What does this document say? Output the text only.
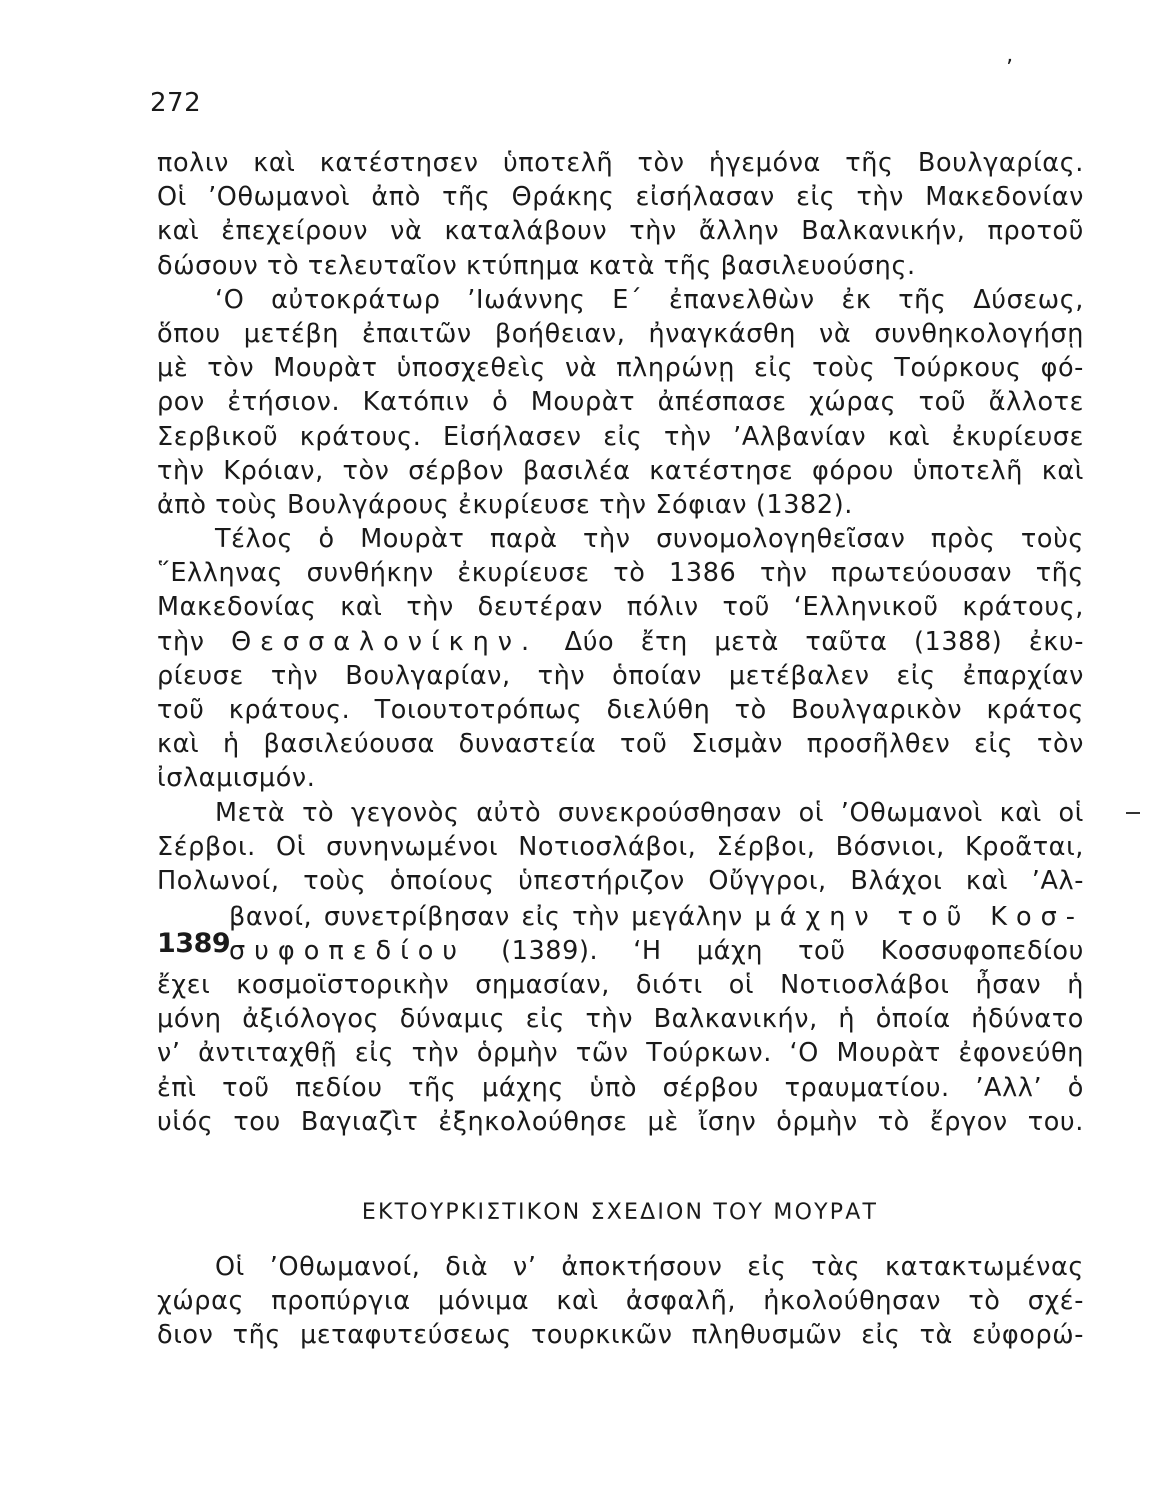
ʼ
272
πολιν καὶ κατέστησεν ὑποτελῆ τὸν ἡγεμόνα τῆς Βουλγαρίας.
Οἱ ’Οθωμανοὶ ἀπὸ τῆς Θράκης εἰσήλασαν εἰς τὴν Μακεδονίαν
καὶ ἐπεχείρουν νὰ καταλάβουν τὴν ἄλλην Βαλκανικήν, προτοῦ
δώσουν τὸ τελευταῖον κτύπημα κατὰ τῆς βασιλευούσης.
‘Ο αὐτοκράτωρ ’Ιωάννης Ε΄ ἐπανελθὼν ἐκ τῆς Δύσεως,
ὅπου μετέβη ἐπαιτῶν βοήθειαν, ἠναγκάσθη νὰ συνθηκολογήσῃ
μὲ τὸν Μουρὰτ ὑποσχεθεὶς νὰ πληρώνῃ εἰς τοὺς Τούρκους φό-
ρον ἐτήσιον. Κατόπιν ὁ Μουρὰτ ἀπέσπασε χώρας τοῦ ἄλλοτε
Σερβικοῦ κράτους. Εἰσήλασεν εἰς τὴν ’Αλβανίαν καὶ ἐκυρίευσε
τὴν Κρόιαν, τὸν σέρβον βασιλέα κατέστησε φόρου ὑποτελῆ καὶ
ἀπὸ τοὺς Βουλγάρους ἐκυρίευσε τὴν Σόφιαν (1382).
Τέλος ὁ Μουρὰτ παρὰ τὴν συνομολογηθεῖσαν πρὸς τοὺς
῞Ελληνας συνθήκην ἐκυρίευσε τὸ 1386 τὴν πρωτεύουσαν τῆς
Μακεδονίας καὶ τὴν δευτέραν πόλιν τοῦ ‘Ελληνικοῦ κράτους,
τὴν Θεσσαλονίκην. Δύο ἔτη μετὰ ταῦτα (1388) ἐκυ-
ρίευσε τὴν Βουλγαρίαν, τὴν ὁποίαν μετέβαλεν εἰς ἐπαρχίαν
τοῦ κράτους. Τοιουτοτρόπως διελύθη τὸ Βουλγαρικὸν κράτος
καὶ ἡ βασιλεύουσα δυναστεία τοῦ Σισμὰν προσῆλθεν εἰς τὸν
ἰσλαμισμόν.
Μετὰ τὸ γεγονὸς αὐτὸ συνεκρούσθησαν οἱ ’Οθωμανοὶ καὶ οἱ
Σέρβοι. Οἱ συνηνωμένοι Νοτιοσλάβοι, Σέρβοι, Βόσνιοι, Κροᾶται,
Πολωνοί, τοὺς ὁποίους ὑπεστήριζον Οὔγγροι, Βλάχοι καὶ ’Αλ-
1389
βανοί, συνετρίβησαν εἰς τὴν μεγάλην μάχην τοῦ Κοσ-
συφοπεδίου (1389). ‘Η μάχη τοῦ Κοσσυφοπεδίου
ἔχει κοσμοϊστορικὴν σημασίαν, διότι οἱ Νοτιοσλάβοι ἦσαν ἡ
μόνη ἀξιόλογος δύναμις εἰς τὴν Βαλκανικήν, ἡ ὁποία ἠδύνατο
ν’ ἀντιταχθῇ εἰς τὴν ὁρμὴν τῶν Τούρκων. ‘Ο Μουρὰτ ἐφονεύθη
ἐπὶ τοῦ πεδίου τῆς μάχης ὑπὸ σέρβου τραυματίου. ’Αλλ’ ὁ
υἱός του Βαγιαζὶτ ἐξηκολούθησε μὲ ἴσην ὁρμὴν τὸ ἔργον του.
ΕΚΤΟΥΡΚΙΣΤΙΚΟΝ ΣΧΕΔΙΟΝ ΤΟΥ ΜΟΥΡΑΤ
Οἱ ’Οθωμανοί, διὰ ν’ ἀποκτήσουν εἰς τὰς κατακτωμένας
χώρας προπύργια μόνιμα καὶ ἀσφαλῆ, ἠκολούθησαν τὸ σχέ-
διον τῆς μεταφυτεύσεως τουρκικῶν πληθυσμῶν εἰς τὰ εὐφορώ-
